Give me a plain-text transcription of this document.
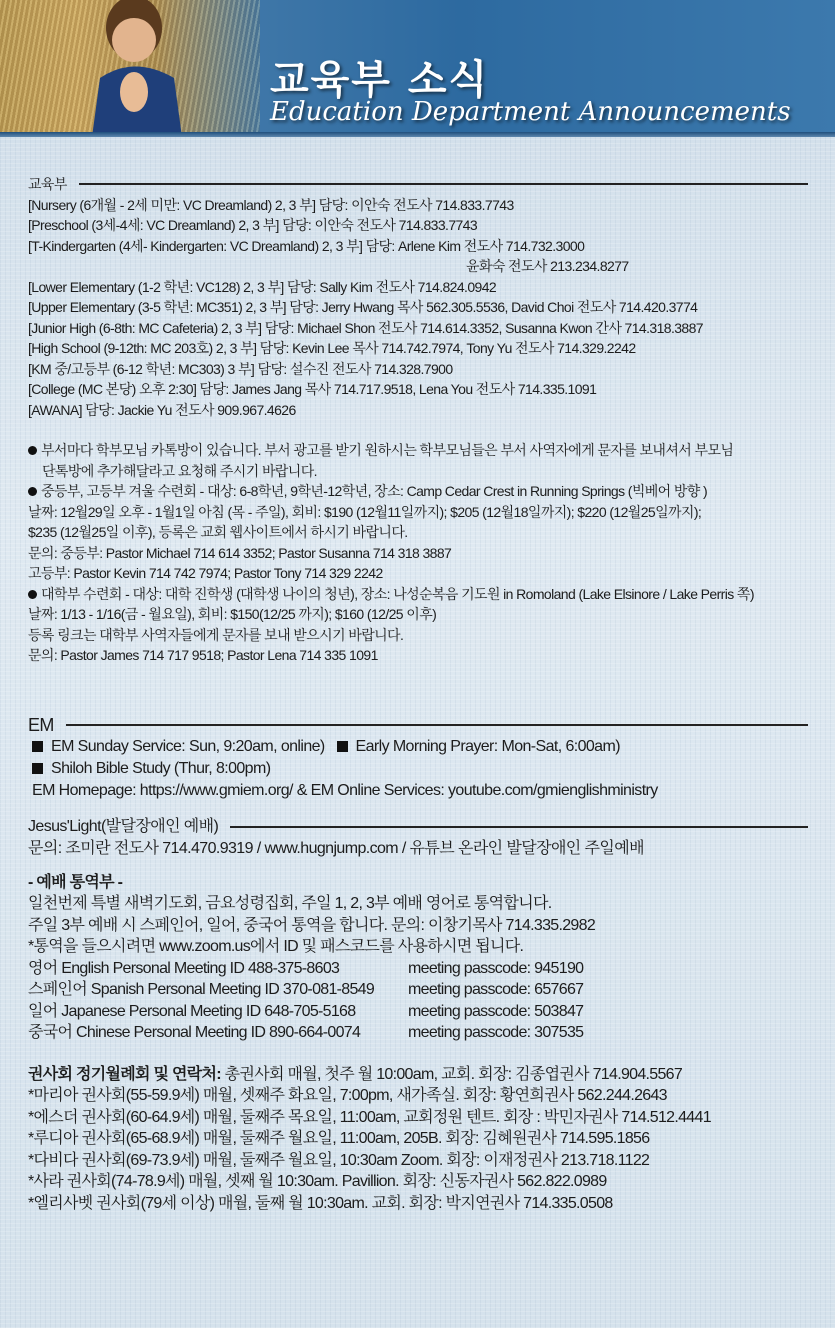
교육부 소식
Education Department Announcements
교육부
[Nursery (6개월 - 2세 미만: VC Dreamland) 2, 3 부] 담당: 이안숙 전도사 714.833.7743
[Preschool (3세-4세: VC Dreamland) 2, 3 부] 담당: 이안숙 전도사 714.833.7743
[T-Kindergarten (4세- Kindergarten: VC Dreamland) 2, 3 부] 담당: Arlene Kim 전도사 714.732.3000
윤화숙 전도사 213.234.8277
[Lower Elementary (1-2 학년: VC128) 2, 3 부] 담당: Sally Kim 전도사 714.824.0942
[Upper Elementary (3-5 학년: MC351) 2, 3 부] 담당: Jerry Hwang 목사 562.305.5536, David Choi 전도사 714.420.3774
[Junior High (6-8th: MC Cafeteria) 2, 3 부] 담당: Michael Shon 전도사 714.614.3352, Susanna Kwon 간사 714.318.3887
[High School (9-12th: MC 203호) 2, 3 부] 담당: Kevin Lee 목사 714.742.7974, Tony Yu 전도사 714.329.2242
[KM 중/고등부 (6-12 학년: MC303) 3 부] 담당: 설수진 전도사 714.328.7900
[College (MC 본당) 오후 2:30] 담당: James Jang 목사 714.717.9518, Lena You 전도사 714.335.1091
[AWANA] 담당: Jackie Yu 전도사 909.967.4626
부서마다 학부모님 카톡방이 있습니다. 부서 광고를 받기 원하시는 학부모님들은 부서 사역자에게 문자를 보내셔서 부모님
단톡방에 추가해달라고 요청해 주시기 바랍니다.
중등부, 고등부 겨울 수련회 - 대상: 6-8학년, 9학년-12학년, 장소: Camp Cedar Crest in Running Springs (빅베어 방향 )
날짜: 12월29일 오후 - 1월1일 아침 (목 - 주일), 회비: $190 (12월11일까지); $205 (12월18일까지); $220 (12월25일까지);
$235 (12월25일 이후), 등록은 교회 웹사이트에서 하시기 바랍니다.
문의: 중등부: Pastor Michael 714 614 3352; Pastor Susanna 714 318 3887
고등부: Pastor Kevin 714 742 7974; Pastor Tony 714 329 2242
대학부 수련회 - 대상: 대학 진학생 (대학생 나이의 청년), 장소: 나성순복음 기도원 in Romoland (Lake Elsinore / Lake Perris 쪽)
날짜: 1/13 - 1/16(금 - 월요일), 회비: $150(12/25 까지); $160 (12/25 이후)
등록 링크는 대학부 사역자들에게 문자를 보내 받으시기 바랍니다.
문의: Pastor James 714 717 9518; Pastor Lena 714 335 1091
EM
EM Sunday Service: Sun, 9:20am, online) Early Morning Prayer: Mon-Sat, 6:00am)
Shiloh Bible Study (Thur, 8:00pm)
EM Homepage: https://www.gmiem.org/ & EM Online Services: youtube.com/gmienglishministry
Jesus'Light(발달장애인 예배)
문의: 조미란 전도사 714.470.9319 / www.hugnjump.com / 유튜브 온라인 발달장애인 주일예배
- 예배 통역부 -
일천번제 특별 새벽기도회, 금요성령집회, 주일 1, 2, 3부 예배 영어로 통역합니다.
주일 3부 예배 시 스페인어, 일어, 중국어 통역을 합니다. 문의: 이창기목사 714.335.2982
*통역을 들으시려면 www.zoom.us에서 ID 및 패스코드를 사용하시면 됩니다.
영어 English Personal Meeting ID 488-375-8603	meeting passcode: 945190
스페인어 Spanish Personal Meeting ID 370-081-8549 meeting passcode: 657667
일어 Japanese Personal Meeting ID 648-705-5168	meeting passcode: 503847
중국어 Chinese Personal Meeting ID 890-664-0074	meeting passcode: 307535
권사회 정기월례회 및 연락처: 총권사회 매월, 첫주 월 10:00am, 교회. 회장: 김종엽권사 714.904.5567
*마리아 권사회(55-59.9세) 매월, 셋째주 화요일, 7:00pm, 새가족실. 회장: 황연희권사 562.244.2643
*에스더 권사회(60-64.9세) 매월, 둘째주 목요일, 11:00am, 교회정원 텐트. 회장 : 박민자권사 714.512.4441
*루디아 권사회(65-68.9세) 매월, 둘째주 월요일, 11:00am, 205B. 회장: 김혜원권사 714.595.1856
*다비다 권사회(69-73.9세) 매월, 둘째주 월요일, 10:30am Zoom. 회장: 이재정권사 213.718.1122
*사라 권사회(74-78.9세) 매월, 셋째 월 10:30am. Pavillion. 회장: 신동자권사 562.822.0989
*엘리사벳 권사회(79세 이상) 매월, 둘째 월 10:30am. 교회. 회장: 박지연권사 714.335.0508
